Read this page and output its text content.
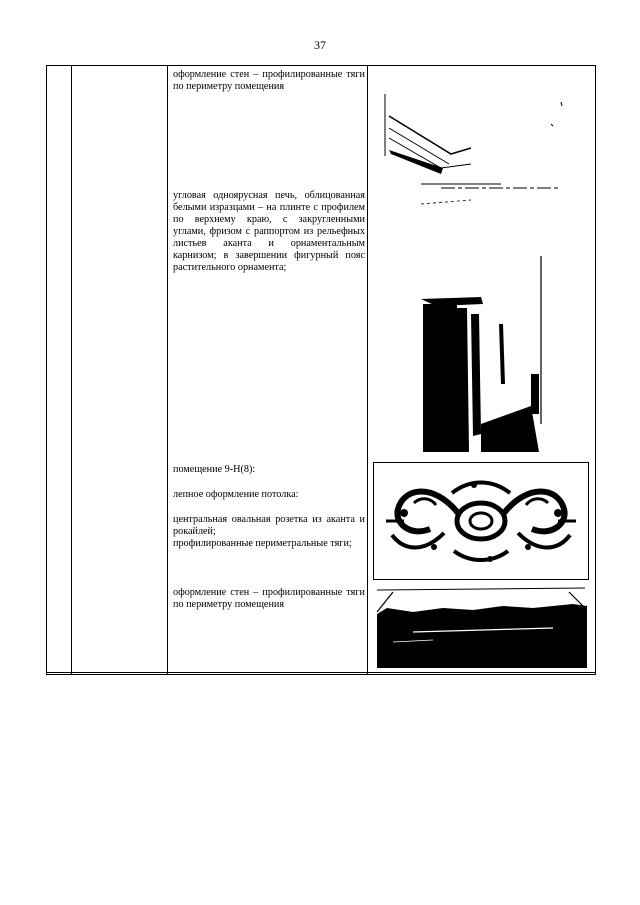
37

оформление стен – профилированные тяги по периметру помещения

угловая одноярусная печь, облицованная белыми изразцами – на плинте с профилем по верхнему краю, с закругленными углами, фризом с раппортом из рельефных листьев аканта и орнаментальным карнизом; в завершении фигурный пояс растительного орнамента;

помещение 9-Н(8):

лепное оформление потолка:

центральная овальная розетка из аканта и рокайлей;

профилированные периметральные тяги;

оформление стен – профилированные тяги по периметру помещения
